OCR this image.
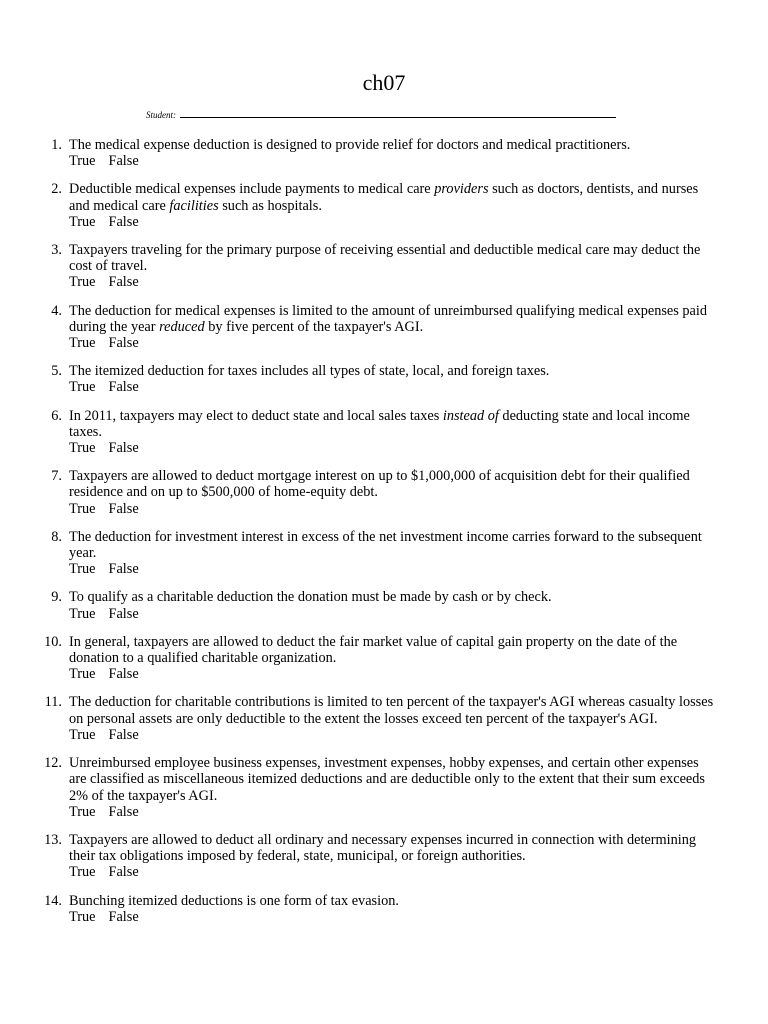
ch07
Student:
1. The medical expense deduction is designed to provide relief for doctors and medical practitioners.
True False
2. Deductible medical expenses include payments to medical care providers such as doctors, dentists, and nurses and medical care facilities such as hospitals.
True False
3. Taxpayers traveling for the primary purpose of receiving essential and deductible medical care may deduct the cost of travel.
True False
4. The deduction for medical expenses is limited to the amount of unreimbursed qualifying medical expenses paid during the year reduced by five percent of the taxpayer's AGI.
True False
5. The itemized deduction for taxes includes all types of state, local, and foreign taxes.
True False
6. In 2011, taxpayers may elect to deduct state and local sales taxes instead of deducting state and local income taxes.
True False
7. Taxpayers are allowed to deduct mortgage interest on up to $1,000,000 of acquisition debt for their qualified residence and on up to $500,000 of home-equity debt.
True False
8. The deduction for investment interest in excess of the net investment income carries forward to the subsequent year.
True False
9. To qualify as a charitable deduction the donation must be made by cash or by check.
True False
10. In general, taxpayers are allowed to deduct the fair market value of capital gain property on the date of the donation to a qualified charitable organization.
True False
11. The deduction for charitable contributions is limited to ten percent of the taxpayer's AGI whereas casualty losses on personal assets are only deductible to the extent the losses exceed ten percent of the taxpayer's AGI.
True False
12. Unreimbursed employee business expenses, investment expenses, hobby expenses, and certain other expenses are classified as miscellaneous itemized deductions and are deductible only to the extent that their sum exceeds 2% of the taxpayer's AGI.
True False
13. Taxpayers are allowed to deduct all ordinary and necessary expenses incurred in connection with determining their tax obligations imposed by federal, state, municipal, or foreign authorities.
True False
14. Bunching itemized deductions is one form of tax evasion.
True False
